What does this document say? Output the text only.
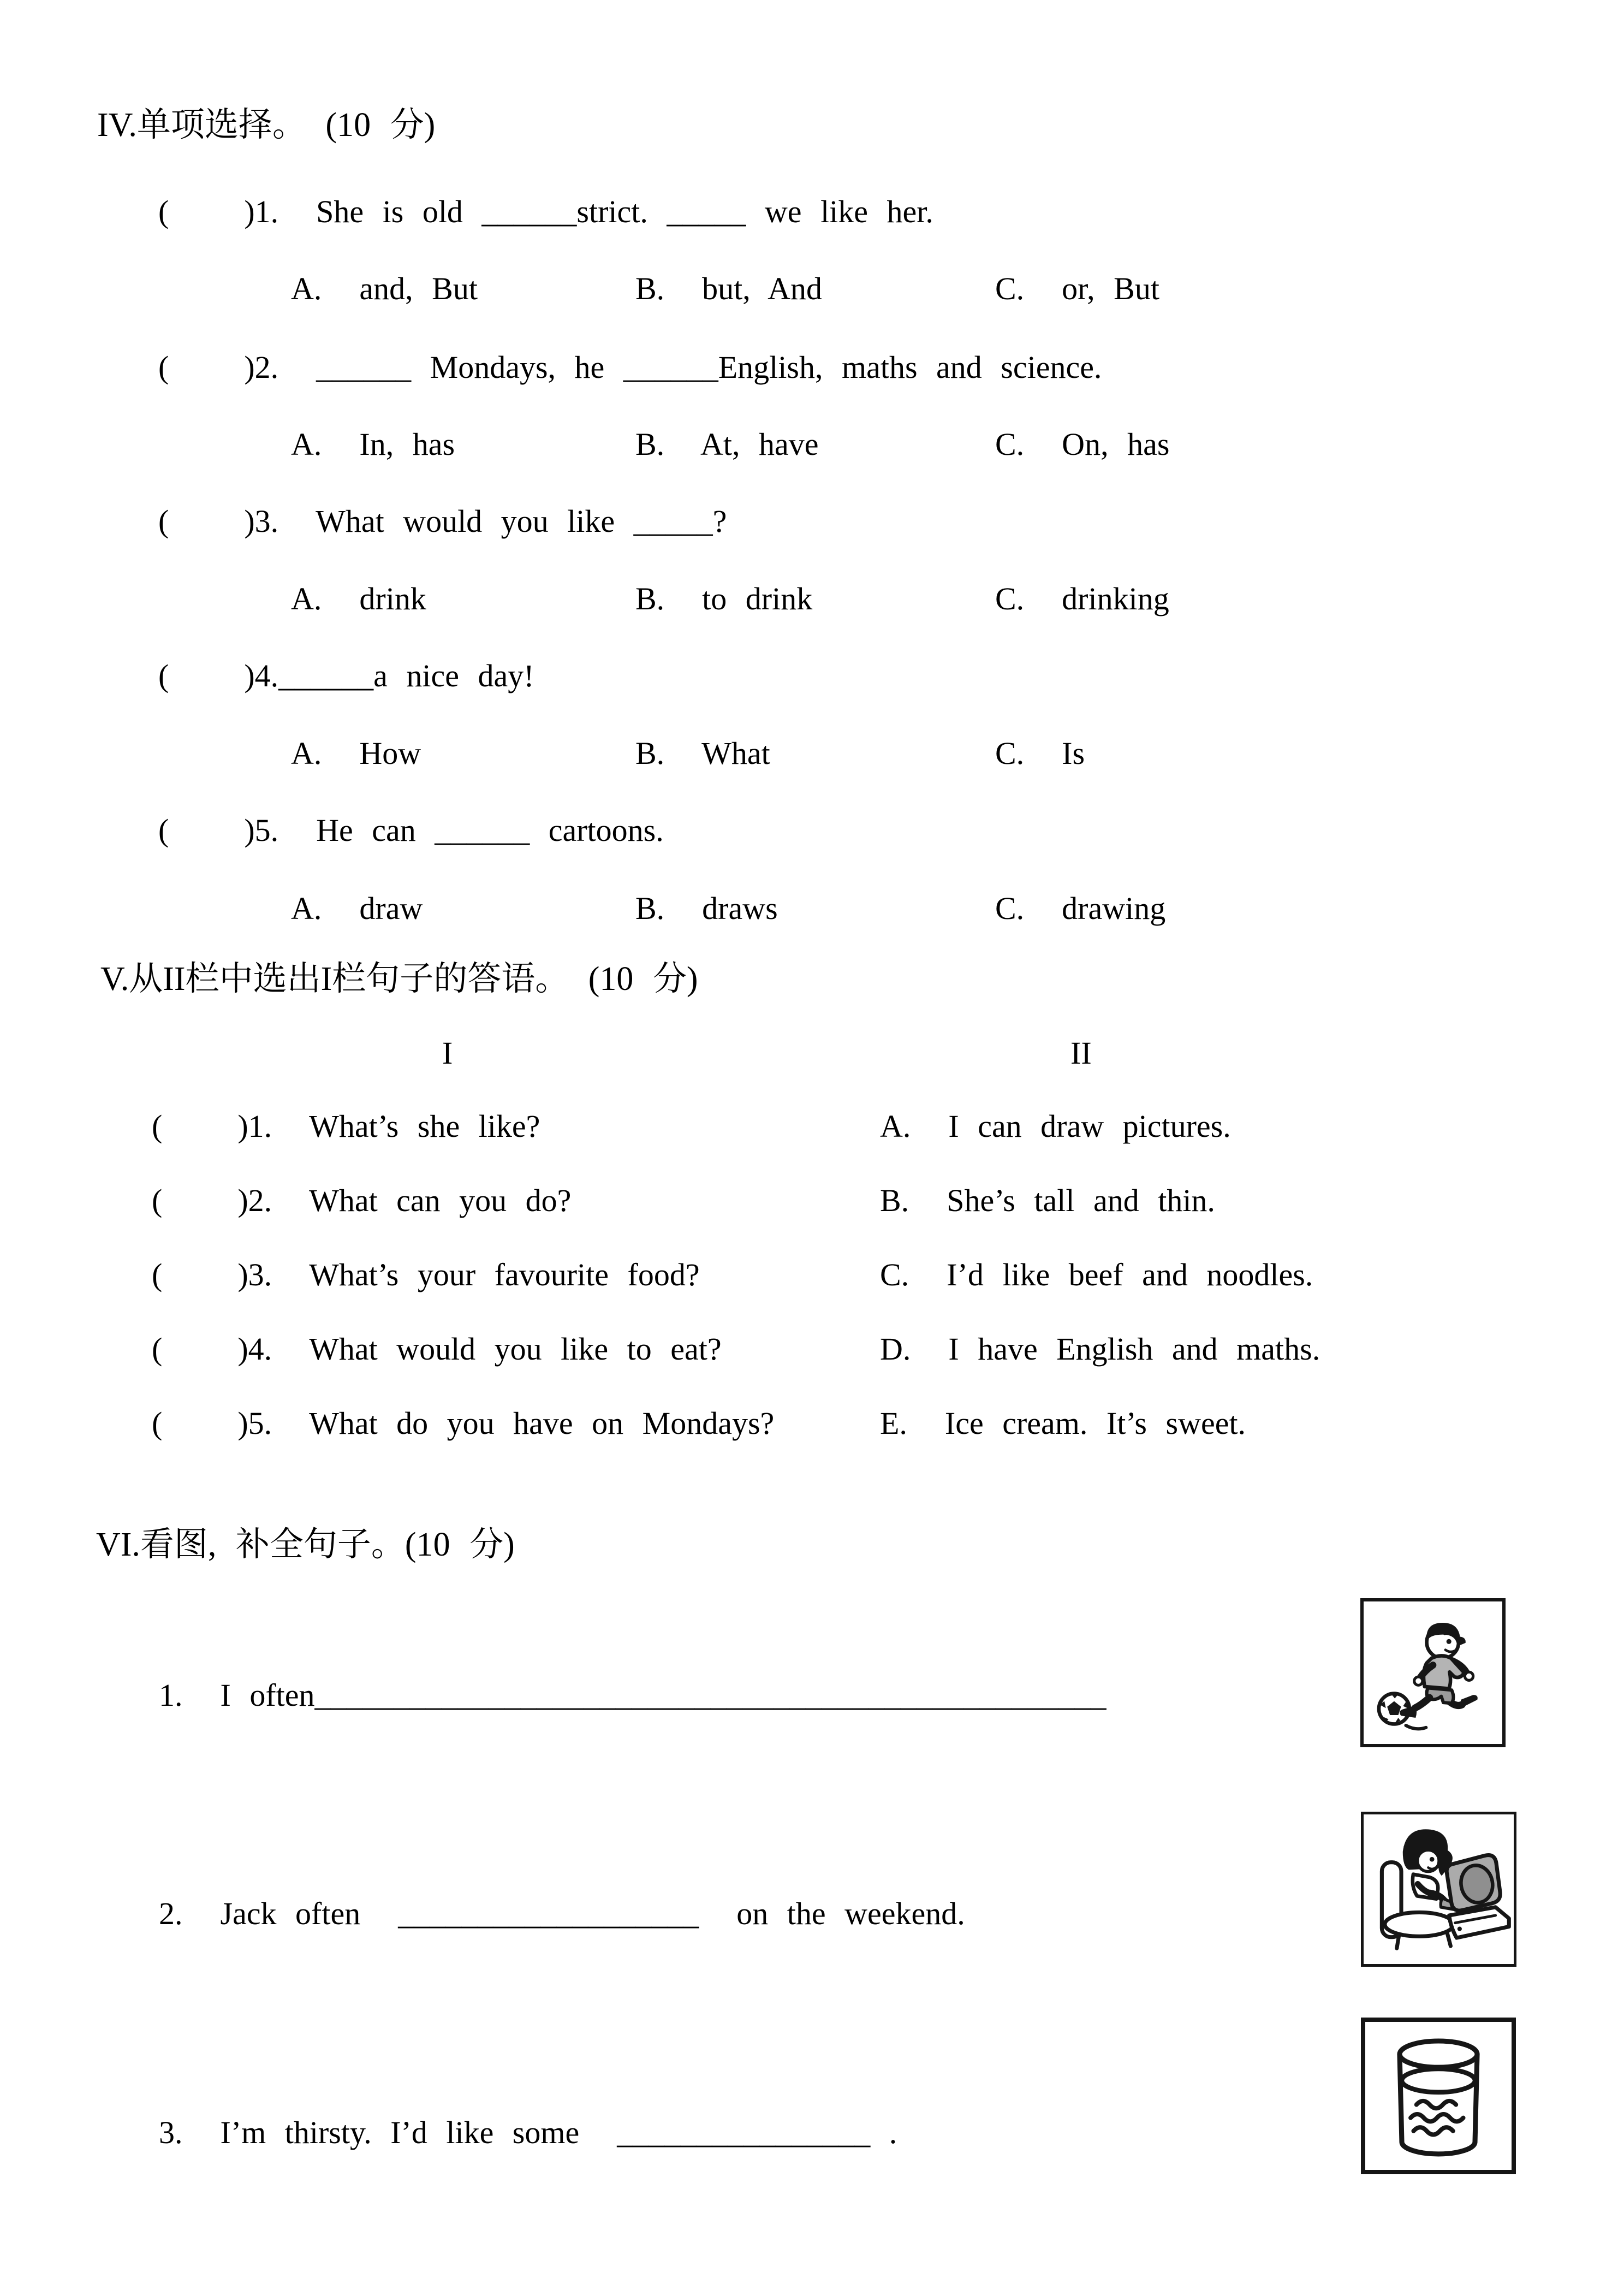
IV.单项选择。 (10 分)
(    )1.  She is old ______strict. _____ we like her.
A.  and, But	B.  but, And	C.  or, But
(    )2.  ______ Mondays, he ______English, maths and science.
A.  In, has	B.  At, have	C.  On, has
(    )3.  What would you like _____?
A.  drink	B.  to drink	C.  drinking
(    )4.______a nice day!
A.  How	B.  What	C.  Is
(    )5.  He can ______ cartoons.
A.  draw	B.  draws	C.  drawing
V.从II栏中选出I栏句子的答语。 (10 分)
I	II
(    )1.  What’s she like?	A.  I can draw pictures.
(    )2.  What can you do?	B.  She’s tall and thin.
(    )3.  What’s your favourite food?	C.  I’d like beef and noodles.
(    )4.  What would you like to eat?	D.  I have English and maths.
(    )5.  What do you have on Mondays?	E.  Ice cream. It’s sweet.
VI.看图, 补全句子。(10 分)
1.  I often__________________________________________________
2.  Jack often  ___________________  on the weekend.
3.  I’m thirsty. I’d like some  ________________ .
